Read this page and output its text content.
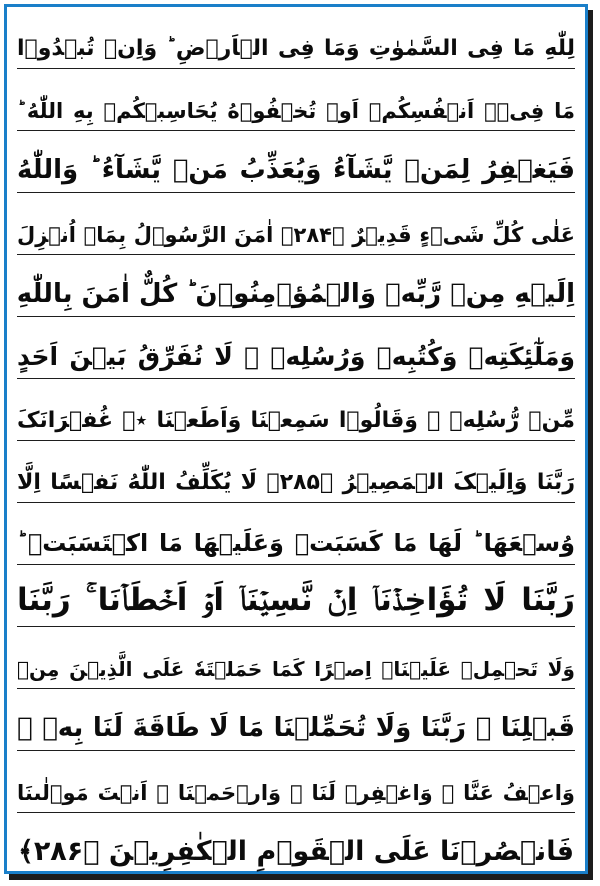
لِلّٰهِ مَا فِی السَّمٰوٰتِ وَمَا فِی الۡاَرۡضِ ؕ وَاِنۡ تُبۡدُوۡا
مَا فِیۡۤ اَنۡفُسِکُمۡ اَوۡ تُخۡفُوۡهُ یُحَاسِبۡکُمۡ بِهِ اللّٰهُ ؕ
فَیَغۡفِرُ لِمَنۡ یَّشَآءُ وَیُعَذِّبُ مَنۡ یَّشَآءُ ؕ وَاللّٰهُ
عَلٰی کُلِّ شَیۡءٍ قَدِیۡرٌ ﴿۲۸۴﴾ اٰمَنَ الرَّسُوۡلُ بِمَاۤ اُنۡزِلَ
اِلَیۡهِ مِنۡ رَّبِّهٖ وَالۡمُؤۡمِنُوۡنَ ؕ کُلٌّ اٰمَنَ بِاللّٰهِ
وَمَلٰٓئِکَتِهٖ وَکُتُبِهٖ وَرُسُلِهٖ ۟ لَا نُفَرِّقُ بَیۡنَ اَحَدٍ
مِّنۡ رُّسُلِهٖ ۟ وَقَالُوۡا سَمِعۡنَا وَاَطَعۡنَا ٭۫ غُفۡرَانَکَ
رَبَّنَا وَاِلَیۡکَ الۡمَصِیۡرُ ﴿۲۸۵﴾ لَا یُکَلِّفُ اللّٰهُ نَفۡسًا اِلَّا
وُسۡعَهَا ؕ لَهَا مَا کَسَبَتۡ وَعَلَیۡهَا مَا اکۡتَسَبَتۡ ؕ
رَبَّنَا لَا تُؤَاخِذۡنَاۤ اِنۡ نَّسِیۡنَاۤ اَوۡ اَخۡطَاۡنَا ۚ رَبَّنَا
وَلَا تَحۡمِلۡ عَلَیۡنَاۤ اِصۡرًا کَمَا حَمَلۡتَهٗ عَلَی الَّذِیۡنَ مِنۡ
قَبۡلِنَا ۚ رَبَّنَا وَلَا تُحَمِّلۡنَا مَا لَا طَاقَةَ لَنَا بِهٖ ۚ
وَاعۡفُ عَنَّا ٝ وَاغۡفِرۡ لَنَا ٝ وَارۡحَمۡنَا ٝ اَنۡتَ مَوۡلٰىنَا
فَانۡصُرۡنَا عَلَی الۡقَوۡمِ الۡکٰفِرِیۡنَ ﴿۲۸۶﴾
